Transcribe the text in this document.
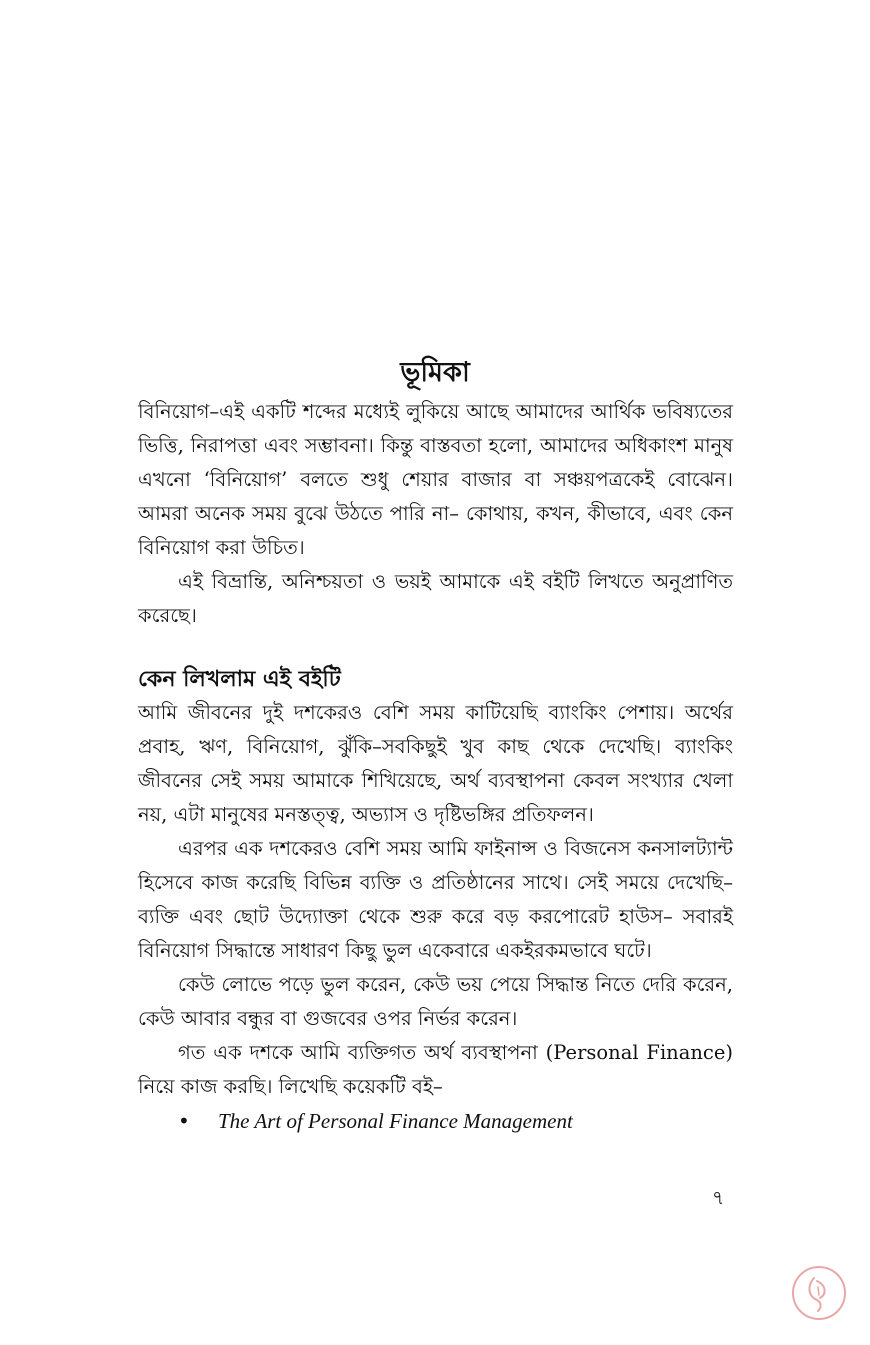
ভূমিকা

বিনিয়োগ–এই একটি শব্দের মধ্যেই লুকিয়ে আছে আমাদের আর্থিক ভবিষ্যতের ভিত্তি, নিরাপত্তা এবং সম্ভাবনা। কিন্তু বাস্তবতা হলো, আমাদের অধিকাংশ মানুষ এখনো ‘বিনিয়োগ’ বলতে শুধু শেয়ার বাজার বা সঞ্চয়পত্রকেই বোঝেন। আমরা অনেক সময় বুঝে উঠতে পারি না– কোথায়, কখন, কীভাবে, এবং কেন বিনিয়োগ করা উচিত।

এই বিভ্রান্তি, অনিশ্চয়তা ও ভয়ই আমাকে এই বইটি লিখতে অনুপ্রাণিত করেছে।

কেন লিখলাম এই বইটি

আমি জীবনের দুই দশকেরও বেশি সময় কাটিয়েছি ব্যাংকিং পেশায়। অর্থের প্রবাহ, ঋণ, বিনিয়োগ, ঝুঁকি–সবকিছুই খুব কাছ থেকে দেখেছি। ব্যাংকিং জীবনের সেই সময় আমাকে শিখিয়েছে, অর্থ ব্যবস্থাপনা কেবল সংখ্যার খেলা নয়, এটা মানুষের মনস্তত্ত্ব, অভ্যাস ও দৃষ্টিভঙ্গির প্রতিফলন।

এরপর এক দশকেরও বেশি সময় আমি ফাইনান্স ও বিজনেস কনসালট্যান্ট হিসেবে কাজ করেছি বিভিন্ন ব্যক্তি ও প্রতিষ্ঠানের সাথে। সেই সময়ে দেখেছি– ব্যক্তি এবং ছোট উদ্যোক্তা থেকে শুরু করে বড় করপোরেট হাউস– সবারই বিনিয়োগ সিদ্ধান্তে সাধারণ কিছু ভুল একেবারে একইরকমভাবে ঘটে।

কেউ লোভে পড়ে ভুল করেন, কেউ ভয় পেয়ে সিদ্ধান্ত নিতে দেরি করেন, কেউ আবার বন্ধুর বা গুজবের ওপর নির্ভর করেন।

গত এক দশকে আমি ব্যক্তিগত অর্থ ব্যবস্থাপনা (Personal Finance) নিয়ে কাজ করছি। লিখেছি কয়েকটি বই–

•	The Art of Personal Finance Management
৭
